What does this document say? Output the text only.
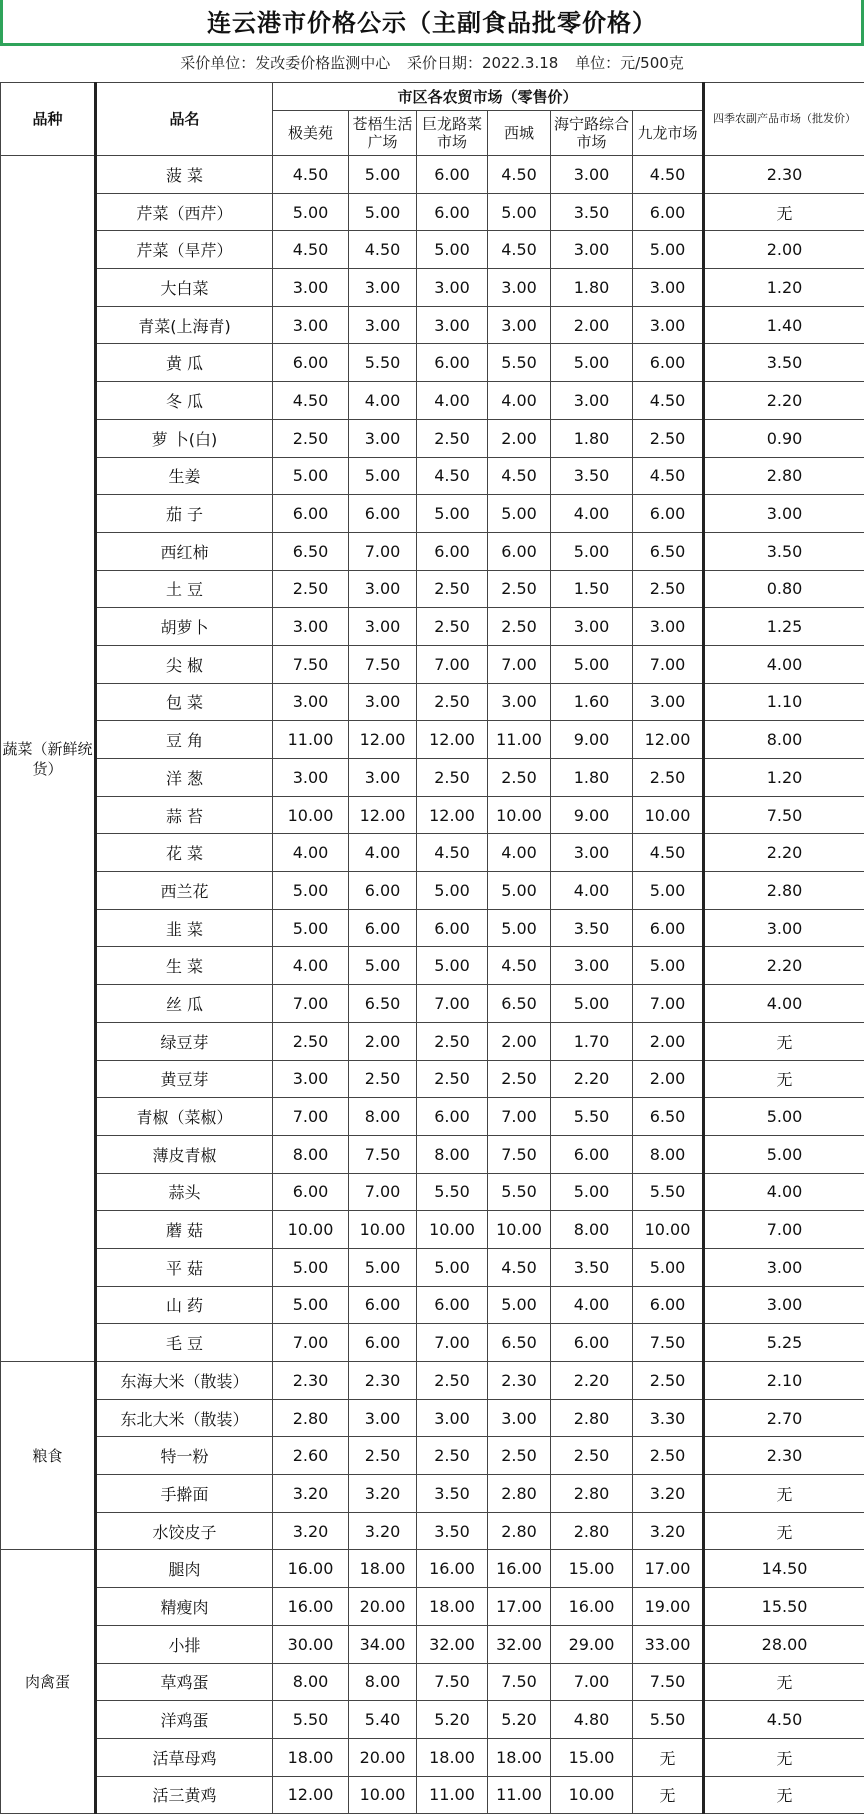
连云港市价格公示（主副食品批零价格）
采价单位：发改委价格监测中心 采价日期：2022.3.18 单位：元/500克
品种	品名	市区各农贸市场（零售价）						四季农副产品市场（批发价）
		极美苑	苍梧生活广场	巨龙路菜市场	西城	海宁路综合市场	九龙市场	
蔬菜（新鲜统货）	菠 菜	4.50	5.00	6.00	4.50	3.00	4.50	2.30
	芹菜（西芹）	5.00	5.00	6.00	5.00	3.50	6.00	无
	芹菜（旱芹）	4.50	4.50	5.00	4.50	3.00	5.00	2.00
	大白菜	3.00	3.00	3.00	3.00	1.80	3.00	1.20
	青菜(上海青)	3.00	3.00	3.00	3.00	2.00	3.00	1.40
	黄 瓜	6.00	5.50	6.00	5.50	5.00	6.00	3.50
	冬 瓜	4.50	4.00	4.00	4.00	3.00	4.50	2.20
	萝 卜(白)	2.50	3.00	2.50	2.00	1.80	2.50	0.90
	生姜	5.00	5.00	4.50	4.50	3.50	4.50	2.80
	茄 子	6.00	6.00	5.00	5.00	4.00	6.00	3.00
	西红柿	6.50	7.00	6.00	6.00	5.00	6.50	3.50
	土 豆	2.50	3.00	2.50	2.50	1.50	2.50	0.80
	胡萝卜	3.00	3.00	2.50	2.50	3.00	3.00	1.25
	尖 椒	7.50	7.50	7.00	7.00	5.00	7.00	4.00
	包 菜	3.00	3.00	2.50	3.00	1.60	3.00	1.10
	豆 角	11.00	12.00	12.00	11.00	9.00	12.00	8.00
	洋 葱	3.00	3.00	2.50	2.50	1.80	2.50	1.20
	蒜 苔	10.00	12.00	12.00	10.00	9.00	10.00	7.50
	花 菜	4.00	4.00	4.50	4.00	3.00	4.50	2.20
	西兰花	5.00	6.00	5.00	5.00	4.00	5.00	2.80
	韭 菜	5.00	6.00	6.00	5.00	3.50	6.00	3.00
	生 菜	4.00	5.00	5.00	4.50	3.00	5.00	2.20
	丝 瓜	7.00	6.50	7.00	6.50	5.00	7.00	4.00
	绿豆芽	2.50	2.00	2.50	2.00	1.70	2.00	无
	黄豆芽	3.00	2.50	2.50	2.50	2.20	2.00	无
	青椒（菜椒）	7.00	8.00	6.00	7.00	5.50	6.50	5.00
	薄皮青椒	8.00	7.50	8.00	7.50	6.00	8.00	5.00
	蒜头	6.00	7.00	5.50	5.50	5.00	5.50	4.00
	蘑 菇	10.00	10.00	10.00	10.00	8.00	10.00	7.00
	平 菇	5.00	5.00	5.00	4.50	3.50	5.00	3.00
	山 药	5.00	6.00	6.00	5.00	4.00	6.00	3.00
	毛 豆	7.00	6.00	7.00	6.50	6.00	7.50	5.25
粮食	东海大米（散装）	2.30	2.30	2.50	2.30	2.20	2.50	2.10
	东北大米（散装）	2.80	3.00	3.00	3.00	2.80	3.30	2.70
	特一粉	2.60	2.50	2.50	2.50	2.50	2.50	2.30
	手擀面	3.20	3.20	3.50	2.80	2.80	3.20	无
	水饺皮子	3.20	3.20	3.50	2.80	2.80	3.20	无
肉禽蛋	腿肉	16.00	18.00	16.00	16.00	15.00	17.00	14.50
	精瘦肉	16.00	20.00	18.00	17.00	16.00	19.00	15.50
	小排	30.00	34.00	32.00	32.00	29.00	33.00	28.00
	草鸡蛋	8.00	8.00	7.50	7.50	7.00	7.50	无
	洋鸡蛋	5.50	5.40	5.20	5.20	4.80	5.50	4.50
	活草母鸡	18.00	20.00	18.00	18.00	15.00	无	无
	活三黄鸡	12.00	10.00	11.00	11.00	10.00	无	无
